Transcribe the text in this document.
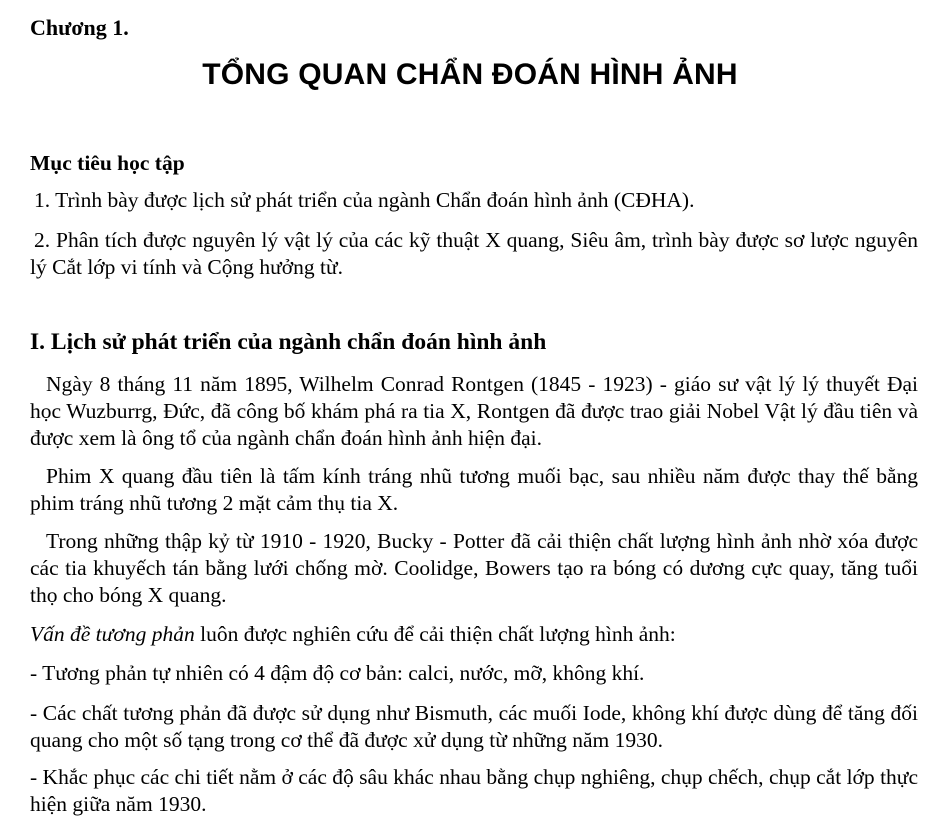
Chương 1.
TỔNG QUAN CHẨN ĐOÁN HÌNH ẢNH
Mục tiêu học tập
1. Trình bày được lịch sử phát triển của ngành Chẩn đoán hình ảnh (CĐHA).
2. Phân tích được nguyên lý vật lý của các kỹ thuật X quang, Siêu âm, trình bày được sơ lược nguyên lý Cắt lớp vi tính và Cộng hưởng từ.
I. Lịch sử phát triển của ngành chẩn đoán hình ảnh
Ngày 8 tháng 11 năm 1895, Wilhelm Conrad Rontgen (1845 - 1923) - giáo sư vật lý lý thuyết Đại học Wuzburrg, Đức, đã công bố khám phá ra tia X, Rontgen đã được trao giải Nobel Vật lý đầu tiên và được xem là ông tổ của ngành chẩn đoán hình ảnh hiện đại.
Phim X quang đầu tiên là tấm kính tráng nhũ tương muối bạc, sau nhiều năm được thay thế bằng phim tráng nhũ tương 2 mặt cảm thụ tia X.
Trong những thập kỷ từ 1910 - 1920, Bucky - Potter đã cải thiện chất lượng hình ảnh nhờ xóa được các tia khuyếch tán bằng lưới chống mờ. Coolidge, Bowers tạo ra bóng có dương cực quay, tăng tuổi thọ cho bóng X quang.
Vấn đề tương phản luôn được nghiên cứu để cải thiện chất lượng hình ảnh:
- Tương phản tự nhiên có 4 đậm độ cơ bản: calci, nước, mỡ, không khí.
- Các chất tương phản đã được sử dụng như Bismuth, các muối Iode, không khí được dùng để tăng đối quang cho một số tạng trong cơ thể đã được xử dụng từ những năm 1930.
- Khắc phục các chi tiết nằm ở các độ sâu khác nhau bằng chụp nghiêng, chụp chếch, chụp cắt lớp thực hiện giữa năm 1930.
